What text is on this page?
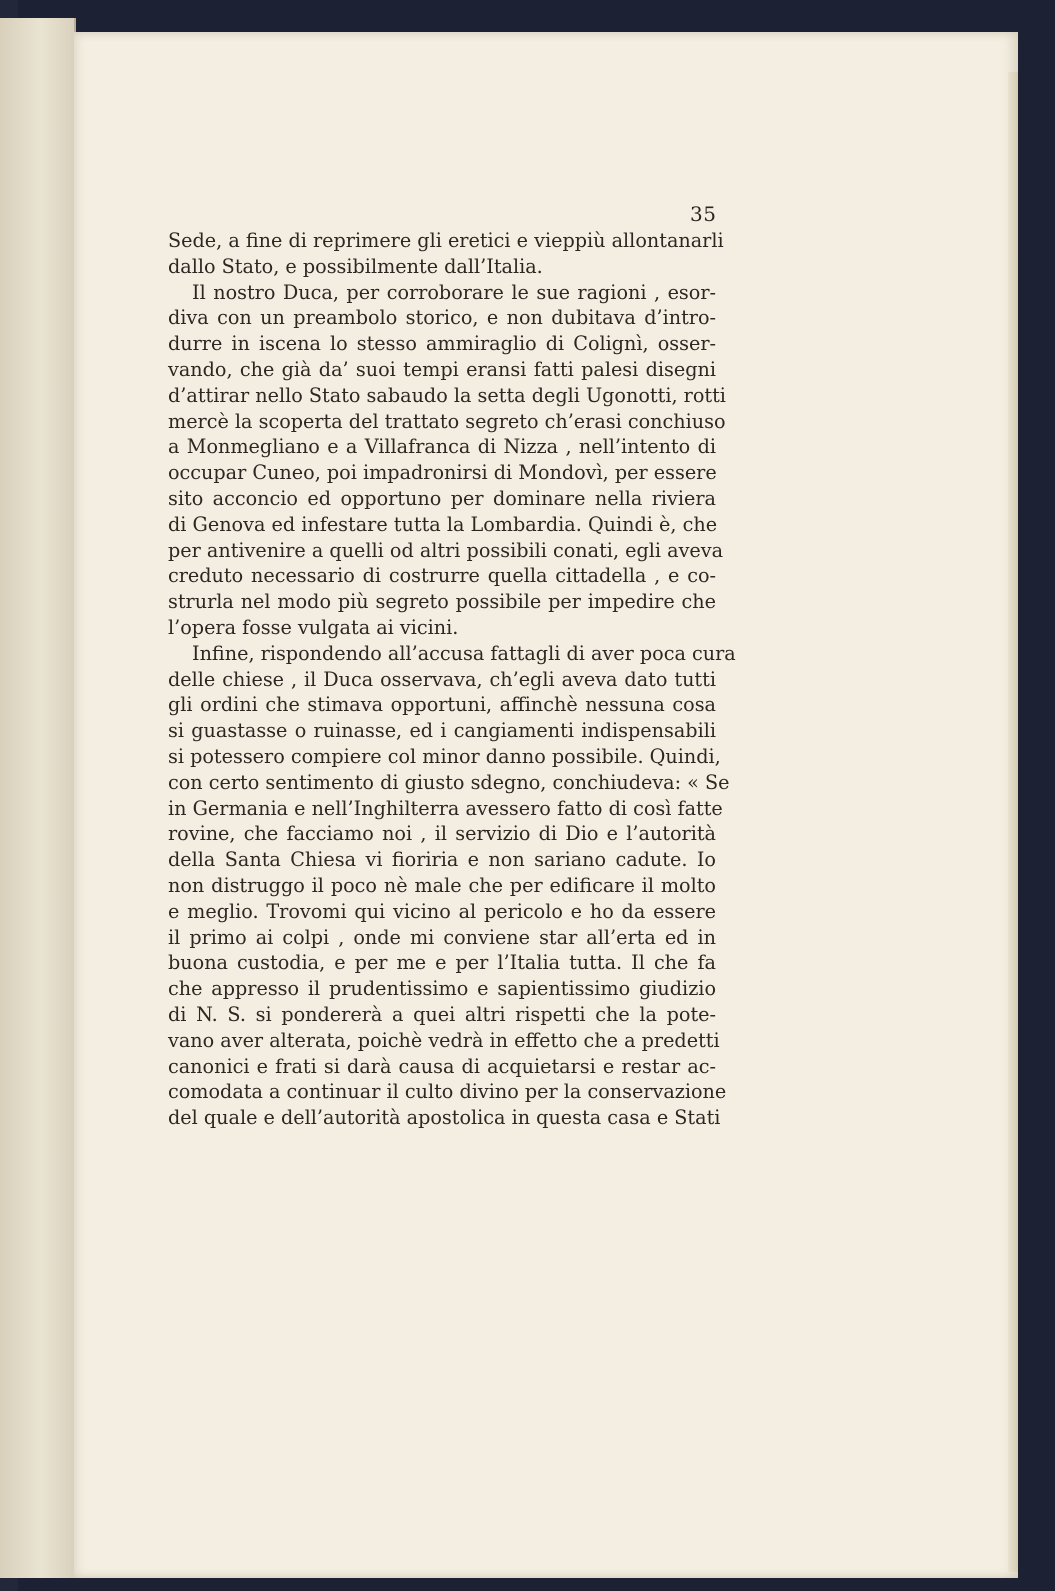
35
Sede, a fine di reprimere gli eretici e vieppiù allontanarli
dallo Stato, e possibilmente dall’Italia.
Il nostro Duca, per corroborare le sue ragioni , esor-
diva con un preambolo storico, e non dubitava d’intro-
durre in iscena lo stesso ammiraglio di Colignì, osser-
vando, che già da’ suoi tempi eransi fatti palesi disegni
d’attirar nello Stato sabaudo la setta degli Ugonotti, rotti
mercè la scoperta del trattato segreto ch’erasi conchiuso
a Monmegliano e a Villafranca di Nizza , nell’intento di
occupar Cuneo, poi impadronirsi di Mondovì, per essere
sito acconcio ed opportuno per dominare nella riviera
di Genova ed infestare tutta la Lombardia. Quindi è, che
per antivenire a quelli od altri possibili conati, egli aveva
creduto necessario di costrurre quella cittadella , e co-
strurla nel modo più segreto possibile per impedire che
l’opera fosse vulgata ai vicini.
Infine, rispondendo all’accusa fattagli di aver poca cura
delle chiese , il Duca osservava, ch’egli aveva dato tutti
gli ordini che stimava opportuni, affinchè nessuna cosa
si guastasse o ruinasse, ed i cangiamenti indispensabili
si potessero compiere col minor danno possibile. Quindi,
con certo sentimento di giusto sdegno, conchiudeva: « Se
in Germania e nell’Inghilterra avessero fatto di così fatte
rovine, che facciamo noi , il servizio di Dio e l’autorità
della Santa Chiesa vi fioriria e non sariano cadute. Io
non distruggo il poco nè male che per edificare il molto
e meglio. Trovomi qui vicino al pericolo e ho da essere
il primo ai colpi , onde mi conviene star all’erta ed in
buona custodia, e per me e per l’Italia tutta. Il che fa
che appresso il prudentissimo e sapientissimo giudizio
di N. S. si pondererà a quei altri rispetti che la pote-
vano aver alterata, poichè vedrà in effetto che a predetti
canonici e frati si darà causa di acquietarsi e restar ac-
comodata a continuar il culto divino per la conservazione
del quale e dell’autorità apostolica in questa casa e Stati
